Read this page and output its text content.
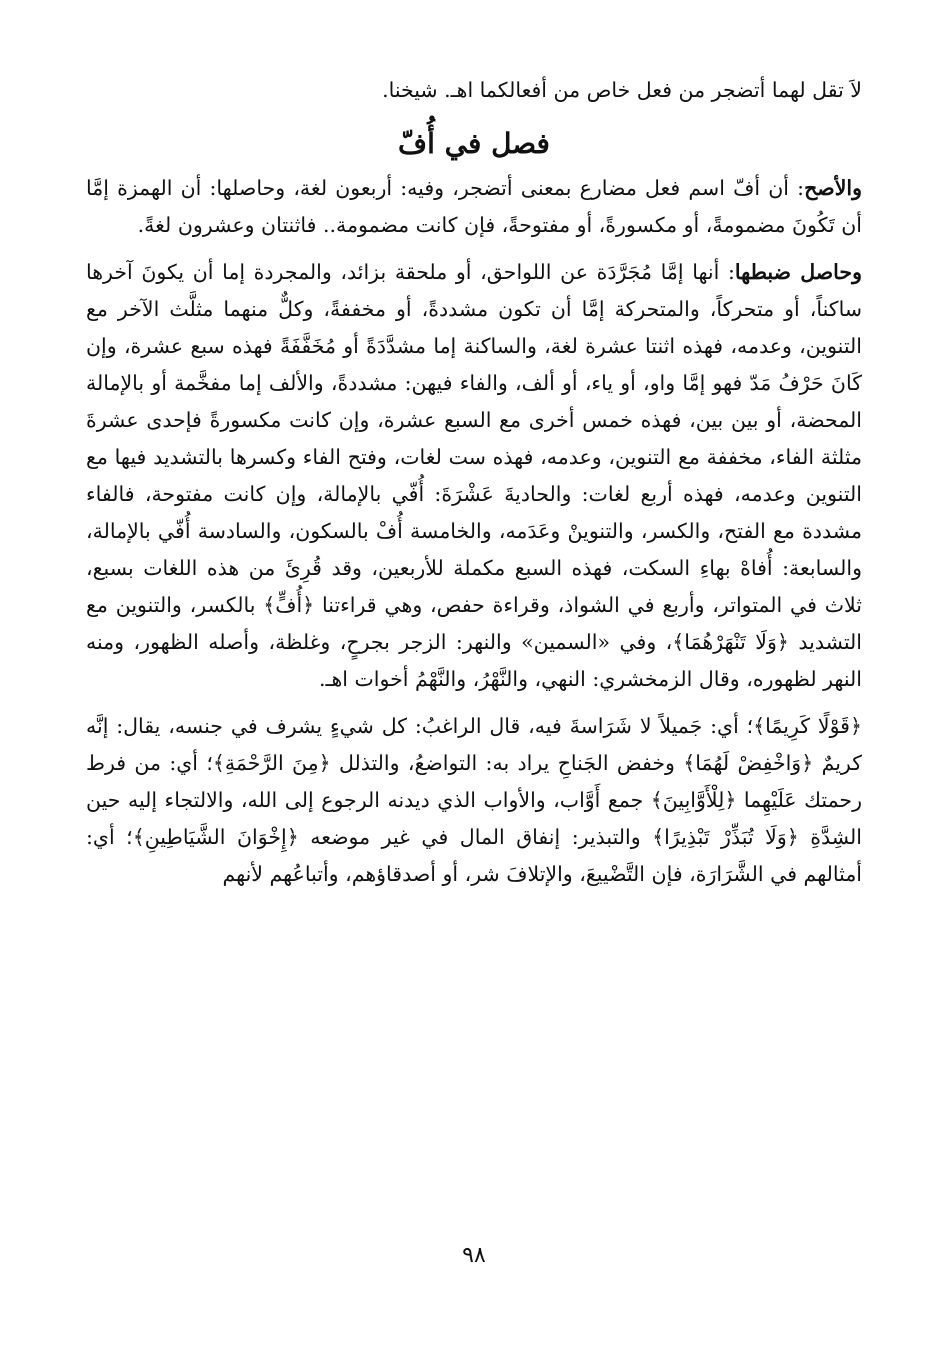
لاَ تقل لهما أتضجر من فعل خاص من أفعالكما اهـ. شيخنا.

فصل في أُفّ

والأصح: أن أفّ اسم فعل مضارع بمعنى أتضجر، وفيه: أربعون لغة، وحاصلها: أن الهمزة إمَّا أن تَكُونَ مضمومةً، أو مكسورةً، أو مفتوحةً، فإن كانت مضمومة.. فاثنتان وعشرون لغةً.

وحاصل ضبطها: أنها إمَّا مُجَرَّدَة عن اللواحق، أو ملحقة بزائد، والمجردة إما أن يكونَ آخرها ساكناً، أو متحركاً، والمتحركة إمَّا أن تكون مشددةً، أو مخففةً، وكلٌّ منهما مثلَّث الآخر مع التنوين، وعدمه، فهذه اثنتا عشرة لغة، والساكنة إما مشدَّدَةً أو مُخَفَّفَةً فهذه سبع عشرة، وإن كَانَ حَرْفُ مَدّ فهو إمَّا واو، أو ياء، أو ألف، والفاء فيهن: مشددةً، والألف إما مفخَّمة أو بالإمالة المحضة، أو بين بين، فهذه خمس أخرى مع السبع عشرة، وإن كانت مكسورةً فإحدى عشرةَ مثلثة الفاء، مخففة مع التنوين، وعدمه، فهذه ست لغات، وفتح الفاء وكسرها بالتشديد فيها مع التنوين وعدمه، فهذه أربع لغات: والحاديةَ عَشْرَةَ: أُفّي بالإمالة، وإن كانت مفتوحة، فالفاء مشددة مع الفتح، والكسر، والتنوينْ وعَدَمه، والخامسة أُفْ بالسكون، والسادسة أُفّي بالإمالة، والسابعة: أُفاهْ بهاءِ السكت، فهذه السبع مكملة للأربعين، وقد قُرِئَ من هذه اللغات بسبع، ثلاث في المتواتر، وأربع في الشواذ، وقراءة حفص، وهي قراءتنا ﴿أُفٍّ﴾ بالكسر، والتنوين مع التشديد ﴿وَلَا تَنْهَرْهُمَا﴾، وفي «السمين» والنهر: الزجر بجرحٍ، وغلظة، وأصله الظهور، ومنه النهر لظهوره، وقال الزمخشري: النهي، والنَّهْرُ، والنَّهْمُ أخوات اهـ.

﴿قَوْلًا كَرِيمًا﴾؛ أي: جَميلاً لا شَرَاسةَ فيه، قال الراغبُ: كل شيءٍ يشرف في جنسه، يقال: إنَّه كريمٌ ﴿وَاخْفِضْ لَهُمَا﴾ وخفض الجَناحِ يراد به: التواضعُ، والتذلل ﴿مِنَ الرَّحْمَةِ﴾؛ أي: من فرط رحمتك عَلَيْهِما ﴿لِلْأَوَّابِينَ﴾ جمع أَوَّاب، والأواب الذي ديدنه الرجوع إلى الله، والالتجاء إليه حين الشِدَّةِ ﴿وَلَا تُبَذِّرْ تَبْذِيرًا﴾ والتبذير: إنفاق المال في غير موضعه ﴿إِخْوَانَ الشَّيَاطِينِ﴾؛ أي: أمثالهم في الشَّرَارَة، فإن التَّضْييعَ، والإتلافَ شر، أو أصدقاؤهم، وأتباعُهم لأنهم

٩٨
